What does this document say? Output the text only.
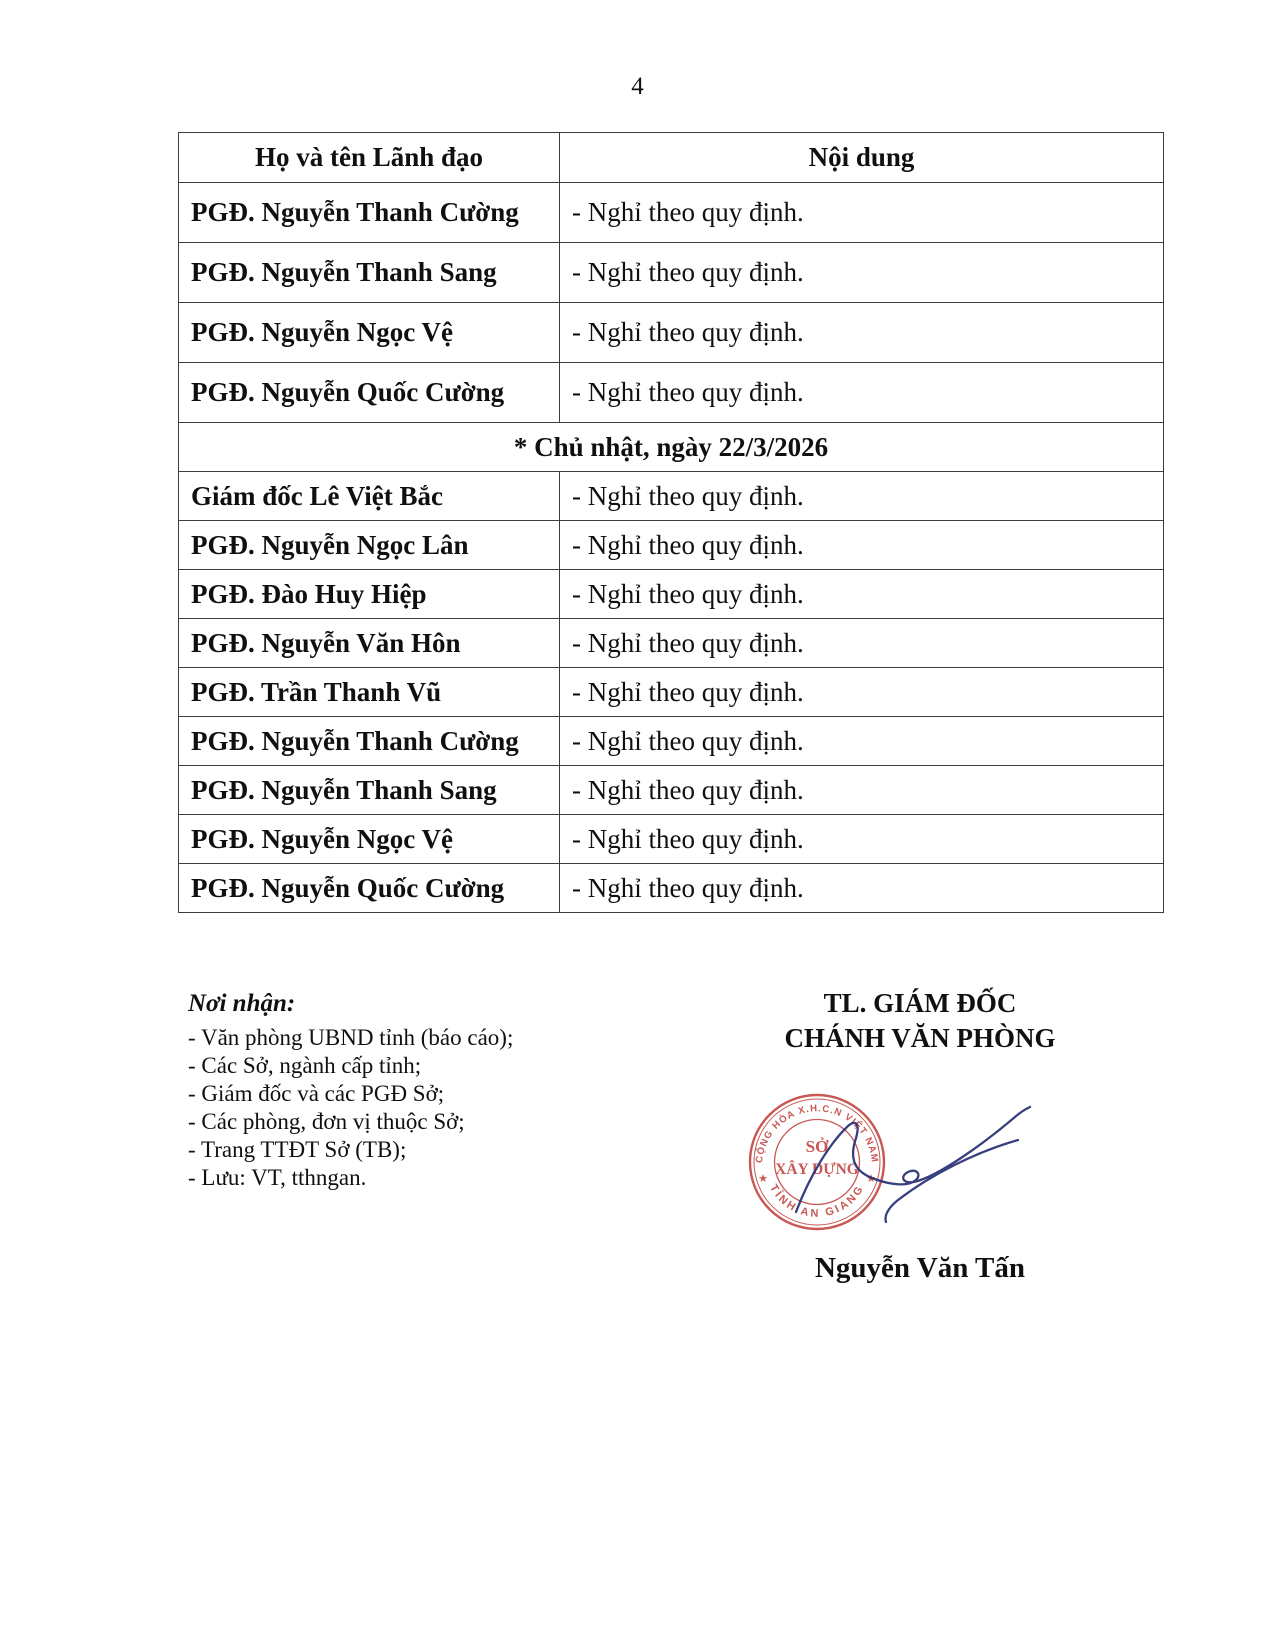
4
Họ và tên Lãnh đạo	Nội dung
PGĐ. Nguyễn Thanh Cường	- Nghỉ theo quy định.
PGĐ. Nguyễn Thanh Sang	- Nghỉ theo quy định.
PGĐ. Nguyễn Ngọc Vệ	- Nghỉ theo quy định.
PGĐ. Nguyễn Quốc Cường	- Nghỉ theo quy định.
* Chủ nhật, ngày 22/3/2026	
Giám đốc Lê Việt Bắc	- Nghỉ theo quy định.
PGĐ. Nguyễn Ngọc Lân	- Nghỉ theo quy định.
PGĐ. Đào Huy Hiệp	- Nghỉ theo quy định.
PGĐ. Nguyễn Văn Hôn	- Nghỉ theo quy định.
PGĐ. Trần Thanh Vũ	- Nghỉ theo quy định.
PGĐ. Nguyễn Thanh Cường	- Nghỉ theo quy định.
PGĐ. Nguyễn Thanh Sang	- Nghỉ theo quy định.
PGĐ. Nguyễn Ngọc Vệ	- Nghỉ theo quy định.
PGĐ. Nguyễn Quốc Cường	- Nghỉ theo quy định.
Nơi nhận:
- Văn phòng UBND tỉnh (báo cáo);
- Các Sở, ngành cấp tỉnh;
- Giám đốc và các PGĐ Sở;
- Các phòng, đơn vị thuộc Sở;
- Trang TTĐT Sở (TB);
- Lưu: VT, tthngan.
TL. GIÁM ĐỐC
CHÁNH VĂN PHÒNG
CỘNG HÒA X.H.C.N VIỆT NAM
TỈNH AN GIANG
★	★
SỞ
XÂY DỰNG
Nguyễn Văn Tấn
